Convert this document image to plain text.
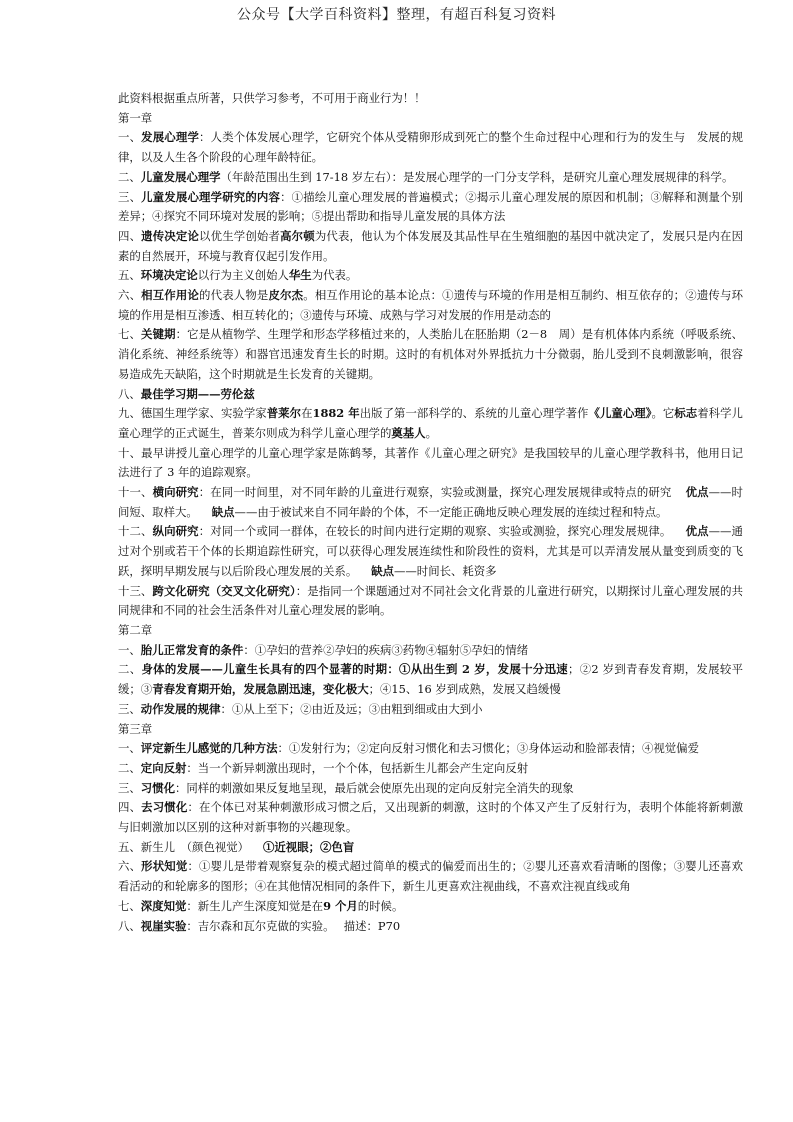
公众号【大学百科资料】整理，有超百科复习资料

此资料根据重点所著，只供学习参考，不可用于商业行为！！

第一章

一、发展心理学：人类个体发展心理学，它研究个体从受精卵形成到死亡的整个生命过程中心理和行为的发生与　发展的规律，以及人生各个阶段的心理年龄特征。

二、儿童发展心理学（年龄范围出生到 17-18 岁左右）：是发展心理学的一门分支学科，是研究儿童心理发展规律的科学。

三、儿童发展心理学研究的内容：①描绘儿童心理发展的普遍模式；②揭示儿童心理发展的原因和机制；③解释和测量个别差异；④探究不同环境对发展的影响；⑤提出帮助和指导儿童发展的具体方法

四、遗传决定论以优生学创始者高尔顿为代表，他认为个体发展及其品性早在生殖细胞的基因中就决定了，发展只是内在因素的自然展开，环境与教育仅起引发作用。

五、环境决定论以行为主义创始人华生为代表。

六、相互作用论的代表人物是皮尔杰。相互作用论的基本论点：①遗传与环境的作用是相互制约、相互依存的；②遗传与环境的作用是相互渗透、相互转化的；③遗传与环境、成熟与学习对发展的作用是动态的

七、关键期：它是从植物学、生理学和形态学移植过来的，人类胎儿在胚胎期（2－8　周）是有机体体内系统（呼吸系统、消化系统、神经系统等）和器官迅速发育生长的时期。这时的有机体对外界抵抗力十分微弱，胎儿受到不良刺激影响，很容易造成先天缺陷，这个时期就是生长发育的关键期。

八、最佳学习期——劳伦兹

九、德国生理学家、实验学家普莱尔在1882 年出版了第一部科学的、系统的儿童心理学著作《儿童心理》。它标志着科学儿童心理学的正式诞生，普莱尔则成为科学儿童心理学的奠基人。

十、最早讲授儿童心理学的儿童心理学家是陈鹤琴，其著作《儿童心理之研究》是我国较早的儿童心理学教科书，他用日记法进行了 3 年的追踪观察。

十一、横向研究：在同一时间里，对不同年龄的儿童进行观察，实验或测量，探究心理发展规律或特点的研究 优点——时间短、取样大。 缺点——由于被试来自不同年龄的个体，不一定能正确地反映心理发展的连续过程和特点。

十二、纵向研究：对同一个或同一群体，在较长的时间内进行定期的观察、实验或测验，探究心理发展规律。 优点——通过对个别或若干个体的长期追踪性研究，可以获得心理发展连续性和阶段性的资料，尤其是可以弄清发展从量变到质变的飞跃，探明早期发展与以后阶段心理发展的关系。 缺点——时间长、耗资多

十三、跨文化研究（交叉文化研究）：是指同一个课题通过对不同社会文化背景的儿童进行研究，以期探讨儿童心理发展的共同规律和不同的社会生活条件对儿童心理发展的影响。

第二章

一、胎儿正常发育的条件：①孕妇的营养②孕妇的疾病③药物④辐射⑤孕妇的情绪

二、身体的发展——儿童生长具有的四个显著的时期：①从出生到 2 岁，发展十分迅速；②2 岁到青春发育期，发展较平缓；③青春发育期开始，发展急剧迅速，变化极大；④15、16 岁到成熟，发展又趋缓慢

三、动作发展的规律：①从上至下；②由近及远；③由粗到细或由大到小

第三章

一、评定新生儿感觉的几种方法：①发射行为；②定向反射习惯化和去习惯化；③身体运动和脸部表情；④视觉偏爱

二、定向反射：当一个新异刺激出现时，一个个体，包括新生儿都会产生定向反射

三、习惯化：同样的刺激如果反复地呈现，最后就会使原先出现的定向反射完全消失的现象

四、去习惯化：在个体已对某种刺激形成习惯之后，又出现新的刺激，这时的个体又产生了反射行为，表明个体能将新刺激与旧刺激加以区别的这种对新事物的兴趣现象。

五、新生儿　（颜色视觉） ①近视眼；②色盲

六、形状知觉：①婴儿是带着观察复杂的模式超过简单的模式的偏爱而出生的；②婴儿还喜欢看清晰的图像；③婴儿还喜欢看活动的和轮廓多的图形；④在其他情况相同的条件下，新生儿更喜欢注视曲线，不喜欢注视直线或角

七、深度知觉：新生儿产生深度知觉是在9 个月的时候。

八、视崖实验：吉尔森和瓦尔克做的实验。　 描述：P70
